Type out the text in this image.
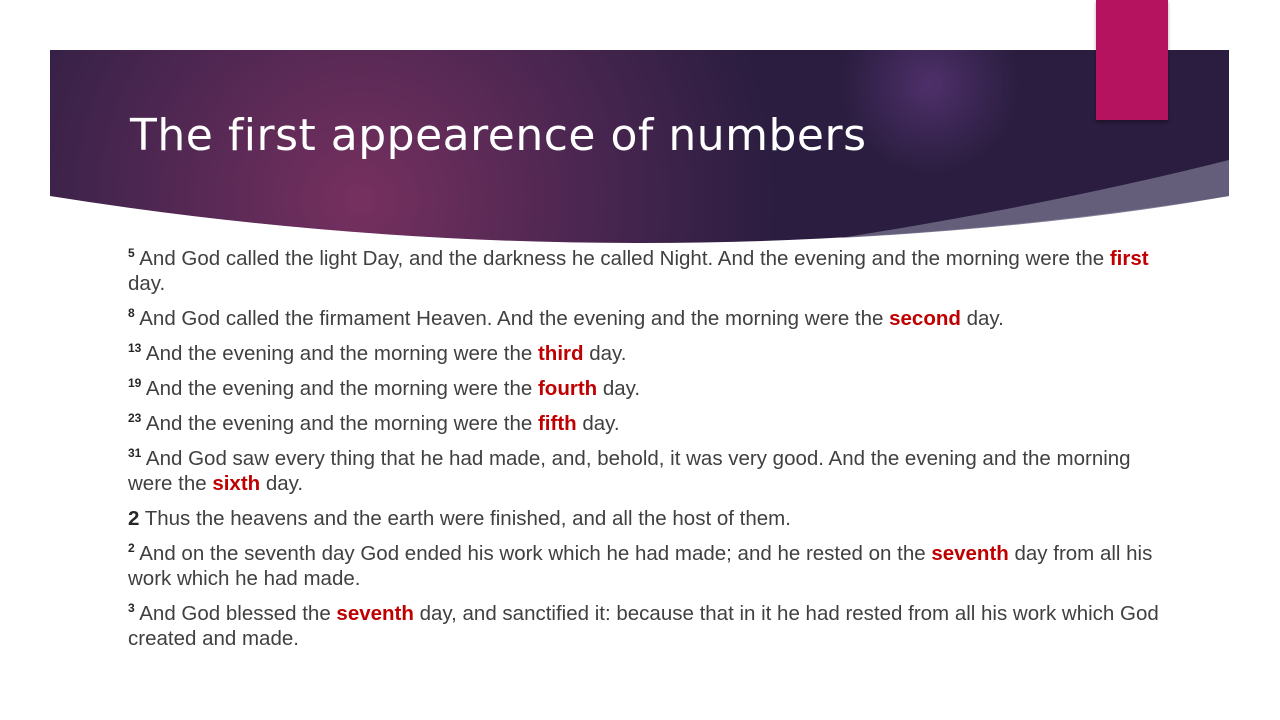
The first appearence of numbers

$^5$ And God called the light Day, and the darkness he called Night. And the evening and the morning were the first day.

$^8$ And God called the firmament Heaven. And the evening and the morning were the second day.

$^{13}$ And the evening and the morning were the third day.

$^{19}$ And the evening and the morning were the fourth day.

$^{23}$ And the evening and the morning were the fifth day.

$^{31}$ And God saw every thing that he had made, and, behold, it was very good. And the evening and the morning were the sixth day.

2 Thus the heavens and the earth were finished, and all the host of them.

$^2$ And on the seventh day God ended his work which he had made; and he rested on the seventh day from all his work which he had made.

$^3$ And God blessed the seventh day, and sanctified it: because that in it he had rested from all his work which God created and made.
